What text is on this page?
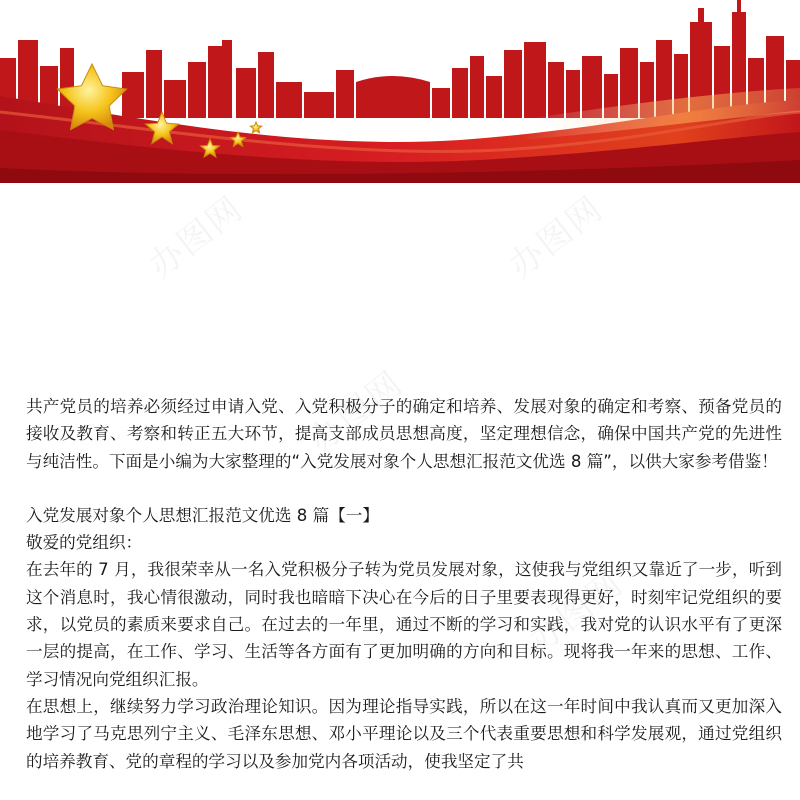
办图网	办图网
办图网
办图网

共产党员的培养必须经过申请入党、入党积极分子的确定和培养、发展对象的确定和考察、预备党员的接收及教育、考察和转正五大环节，提高支部成员思想高度，坚定理想信念，确保中国共产党的先进性与纯洁性。下面是小编为大家整理的“入党发展对象个人思想汇报范文优选 8 篇”，以供大家参考借鉴！

入党发展对象个人思想汇报范文优选 8 篇【一】

敬爱的党组织：

在去年的 7 月，我很荣幸从一名入党积极分子转为党员发展对象，这使我与党组织又靠近了一步，听到这个消息时，我心情很激动，同时我也暗暗下决心在今后的日子里要表现得更好，时刻牢记党组织的要求，以党员的素质来要求自己。在过去的一年里，通过不断的学习和实践，我对党的认识水平有了更深一层的提高，在工作、学习、生活等各方面有了更加明确的方向和目标。现将我一年来的思想、工作、学习情况向党组织汇报。

在思想上，继续努力学习政治理论知识。因为理论指导实践，所以在这一年时间中我认真而又更加深入地学习了马克思列宁主义、毛泽东思想、邓小平理论以及三个代表重要思想和科学发展观，通过党组织的培养教育、党的章程的学习以及参加党内各项活动，使我坚定了共
